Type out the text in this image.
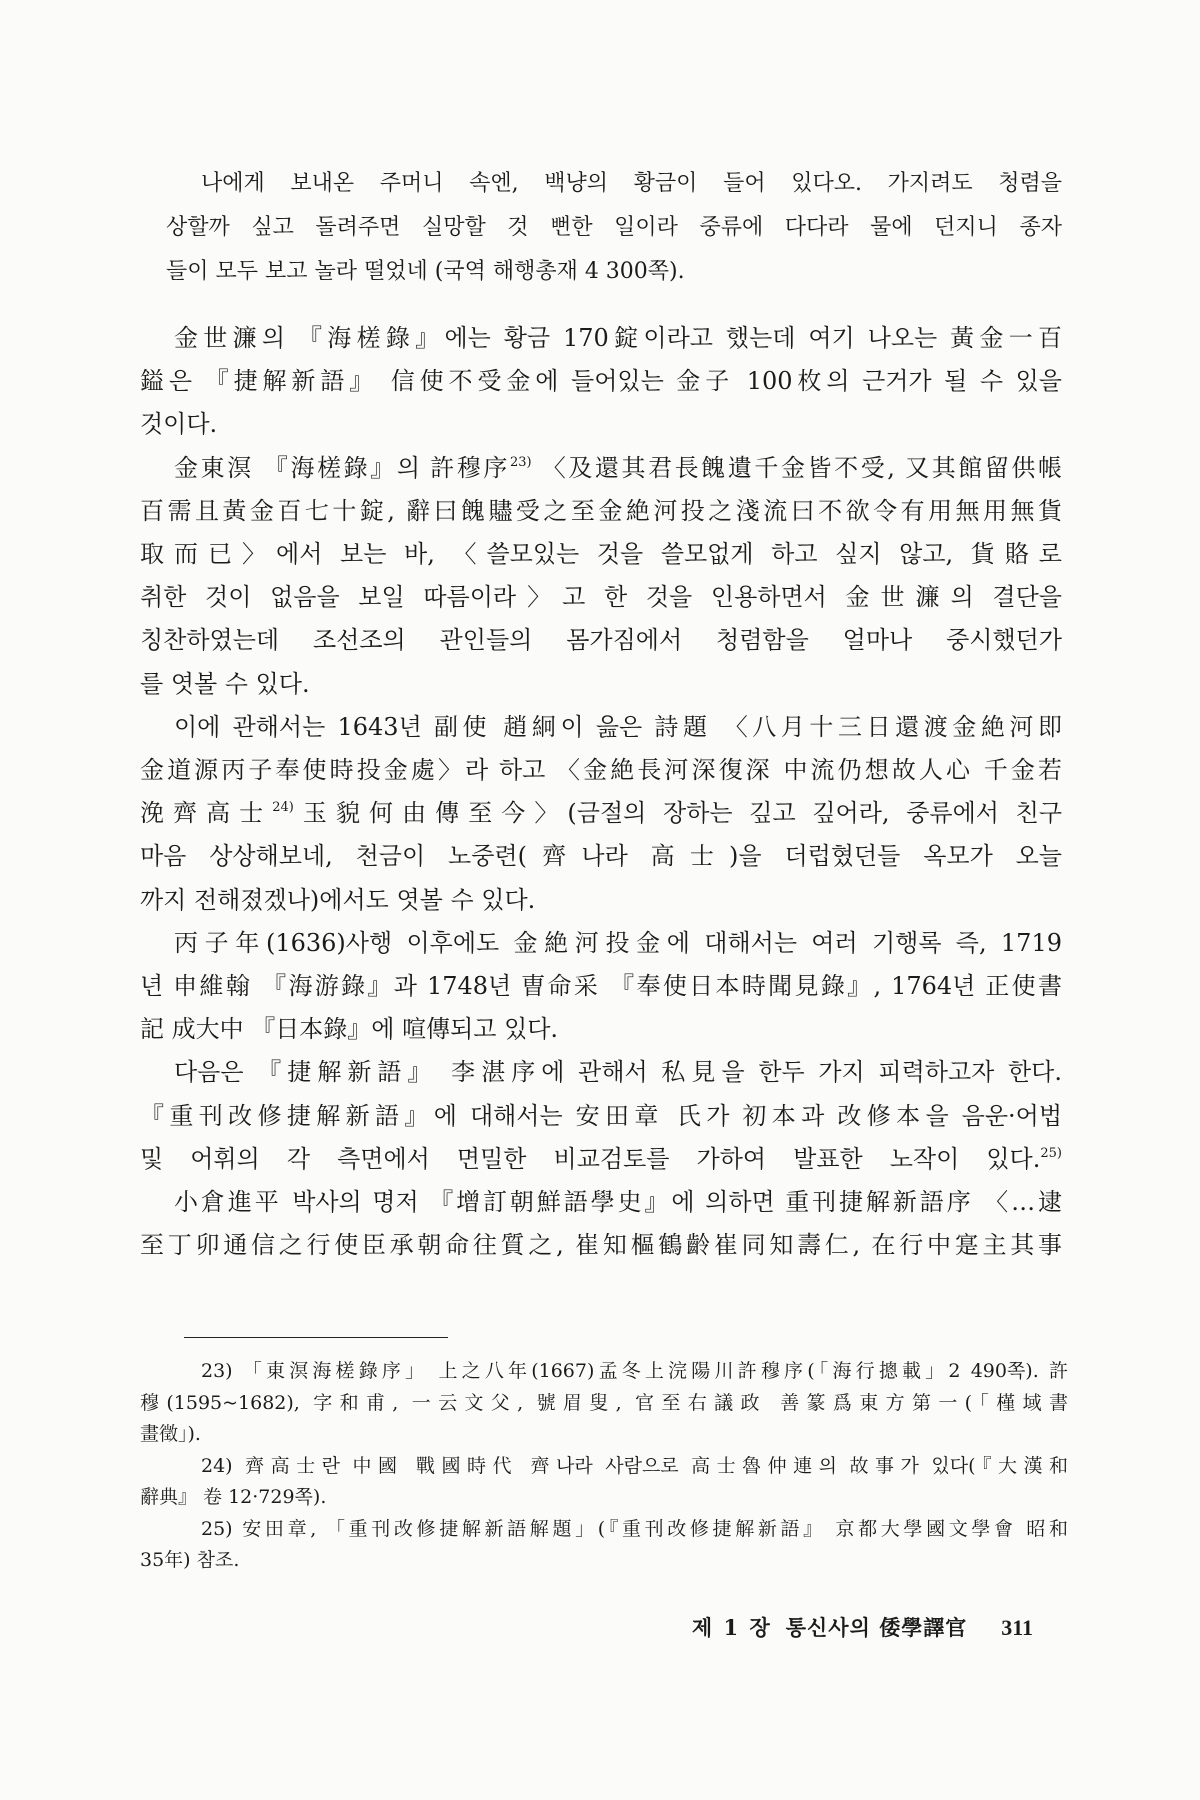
나에게 보내온 주머니 속엔, 백냥의 황금이 들어 있다오. 가지려도 청렴을
상할까 싶고 돌려주면 실망할 것 뻔한 일이라 중류에 다다라 물에 던지니 종자
들이 모두 보고 놀라 떨었네 (국역 해행총재 4 300쪽).
金世濂의 『海槎錄』에는 황금 170錠이라고 했는데 여기 나오는 黃金一百
鎰은 『捷解新語』 信使不受金에 들어있는 金子 100枚의 근거가 될 수 있을
것이다.
金東溟 『海槎錄』의 許穆序$^{23)}$ 〈及還其君長餽遺千金皆不受, 又其館留供帳
百需且黃金百七十錠, 辭曰餽贐受之至金絶河投之淺流曰不欲令有用無用無貨
取而已〉에서 보는 바, 〈쓸모있는 것을 쓸모없게 하고 싶지 않고, 貨賂로
취한 것이 없음을 보일 따름이라〉고 한 것을 인용하면서 金世濂의 결단을
칭찬하였는데 조선조의 관인들의 몸가짐에서 청렴함을 얼마나 중시했던가
를 엿볼 수 있다.
이에 관해서는 1643년 副使 趙絅이 읊은 詩題 〈八月十三日還渡金絶河即
金道源丙子奉使時投金處〉라 하고 〈金絶長河深復深 中流仍想故人心 千金若
浼齊高士$^{24)}$玉貌何由傳至今〉(금절의 장하는 깊고 깊어라, 중류에서 친구
마음 상상해보네, 천금이 노중련(齊나라 高士)을 더럽혔던들 옥모가 오늘
까지 전해졌겠나)에서도 엿볼 수 있다.
丙子年(1636)사행 이후에도 金絶河投金에 대해서는 여러 기행록 즉, 1719
년 申維翰 『海游錄』과 1748년 曺命采 『奉使日本時聞見錄』, 1764년 正使書
記 成大中 『日本錄』에 喧傳되고 있다.
다음은 『捷解新語』 李湛序에 관해서 私見을 한두 가지 피력하고자 한다.
『重刊改修捷解新語』에 대해서는 安田章 氏가 初本과 改修本을 음운·어법
및 어휘의 각 측면에서 면밀한 비교검토를 가하여 발표한 노작이 있다.$^{25)}$
小倉進平 박사의 명저 『增訂朝鮮語學史』에 의하면 重刊捷解新語序 〈…逮
至丁卯通信之行使臣承朝命往質之, 崔知樞鶴齡崔同知壽仁, 在行中寔主其事
23) 「東溟海槎錄序」 上之八年(1667)孟冬上浣陽川許穆序(「海行摠載」2 490쪽). 許
穆(1595~1682), 字和甫, 一云文父, 號眉叟, 官至右議政 善篆爲東方第一(「槿域書
畫徵」).
24) 齊高士란 中國 戰國時代 齊나라 사람으로 高士魯仲連의 故事가 있다(『大漢和
辭典』 卷 12·729쪽).
25) 安田章, 「重刊改修捷解新語解題」(『重刊改修捷解新語』 京都大學國文學會 昭和
35年) 참조.
제 1 장 통신사의 倭學譯官 311
